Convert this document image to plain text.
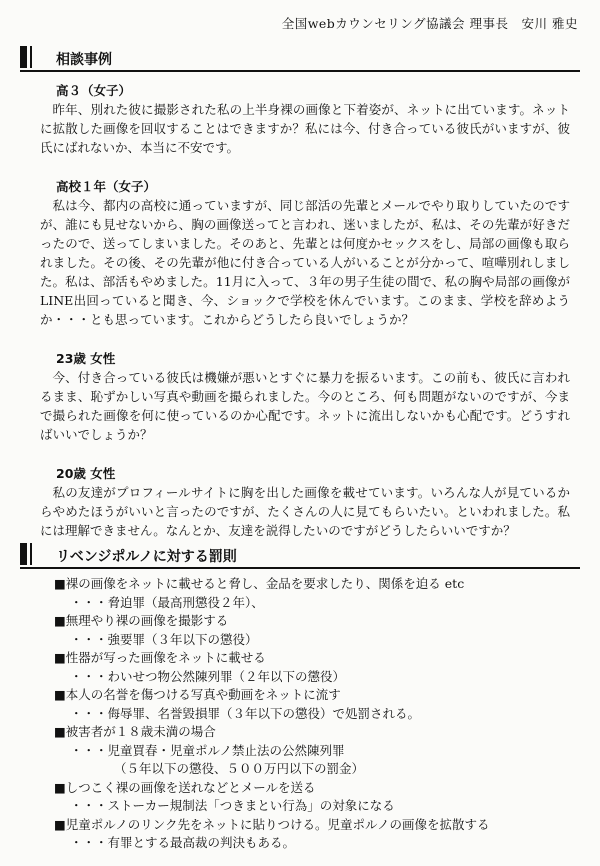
全国webカウンセリング協議会 理事長　安川 雅史
相談事例
高３（女子）

昨年、別れた彼に撮影された私の上半身裸の画像と下着姿が、ネットに出ています。ネットに拡散した画像を回収することはできますか？私には今、付き合っている彼氏がいますが、彼氏にばれないか、本当に不安です。

高校１年（女子）

私は今、都内の高校に通っていますが、同じ部活の先輩とメールでやり取りしていたのですが、誰にも見せないから、胸の画像送ってと言われ、迷いましたが、私は、その先輩が好きだったので、送ってしまいました。そのあと、先輩とは何度かセックスをし、局部の画像も取られました。その後、その先輩が他に付き合っている人がいることが分かって、喧嘩別れしました。私は、部活もやめました。11月に入って、３年の男子生徒の間で、私の胸や局部の画像がLINE出回っていると聞き、今、ショックで学校を休んでいます。このまま、学校を辞めようか・・・とも思っています。これからどうしたら良いでしょうか？

23歳 女性

今、付き合っている彼氏は機嫌が悪いとすぐに暴力を振るいます。この前も、彼氏に言われるまま、恥ずかしい写真や動画を撮られました。今のところ、何も問題がないのですが、今まで撮られた画像を何に使っているのか心配です。ネットに流出しないかも心配です。どうすればいいでしょうか？

20歳 女性

私の友達がプロフィールサイトに胸を出した画像を載せています。いろんな人が見ているからやめたほうがいいと言ったのですが、たくさんの人に見てもらいたい。といわれました。私には理解できません。なんとか、友達を説得したいのですがどうしたらいいですか？

リベンジポルノに対する罰則
■裸の画像をネットに載せると脅し、金品を要求したり、関係を迫る etc
・・・脅迫罪（最高刑懲役２年）、
■無理やり裸の画像を撮影する
・・・強要罪（３年以下の懲役）
■性器が写った画像をネットに載せる
・・・わいせつ物公然陳列罪（２年以下の懲役）
■本人の名誉を傷つける写真や動画をネットに流す
・・・侮辱罪、名誉毀損罪（３年以下の懲役）で処罰される。
■被害者が１８歳未満の場合
・・・児童買春・児童ポルノ禁止法の公然陳列罪
（５年以下の懲役、５００万円以下の罰金）
■しつこく裸の画像を送れなどとメールを送る
・・・ストーカー規制法「つきまとい行為」の対象になる
■児童ポルノのリンク先をネットに貼りつける。児童ポルノの画像を拡散する
・・・有罪とする最高裁の判決もある。
